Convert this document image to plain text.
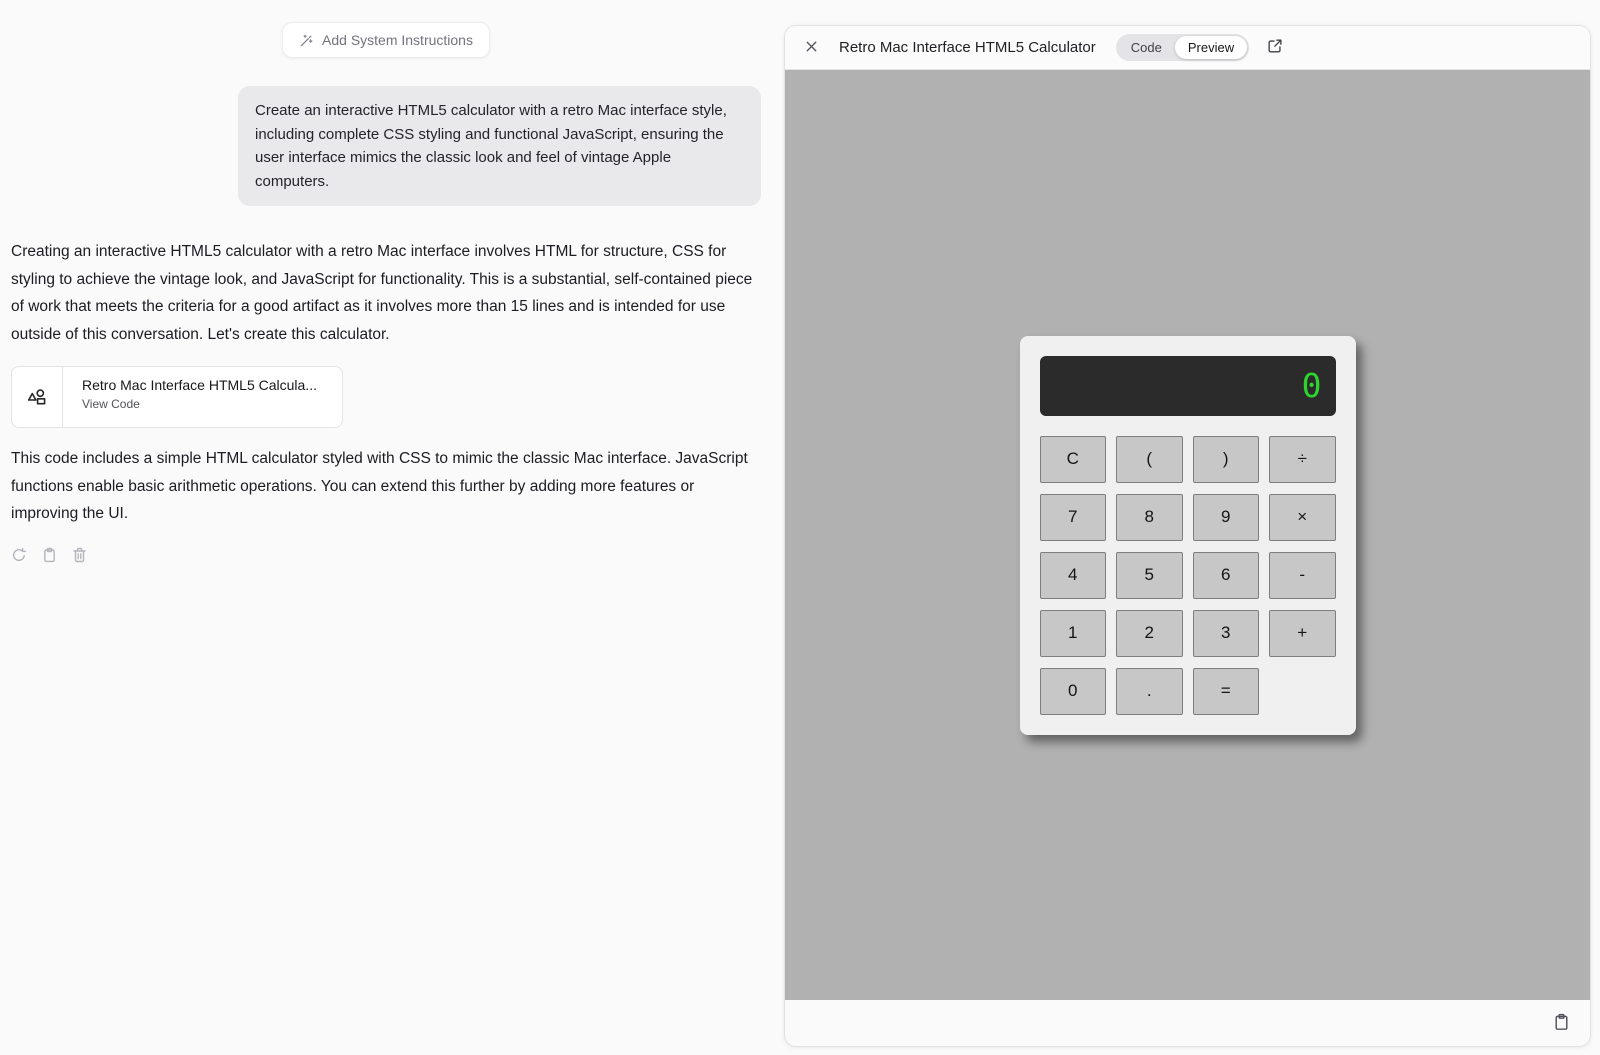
Add System Instructions
Create an interactive HTML5 calculator with a retro Mac interface style, including complete CSS styling and functional JavaScript, ensuring the user interface mimics the classic look and feel of vintage Apple computers.

Creating an interactive HTML5 calculator with a retro Mac interface involves HTML for structure, CSS for styling to achieve the vintage look, and JavaScript for functionality. This is a substantial, self-contained piece of work that meets the criteria for a good artifact as it involves more than 15 lines and is intended for use outside of this conversation. Let's create this calculator.

Retro Mac Interface HTML5 Calcula...
View Code

This code includes a simple HTML calculator styled with CSS to mimic the classic Mac interface. JavaScript functions enable basic arithmetic operations. You can extend this further by adding more features or improving the UI.

Retro Mac Interface HTML5 Calculator	Code	Preview
0
C	(	)	÷
7	8	9	×
4	5	6	-
1	2	3	+
0	.	=
